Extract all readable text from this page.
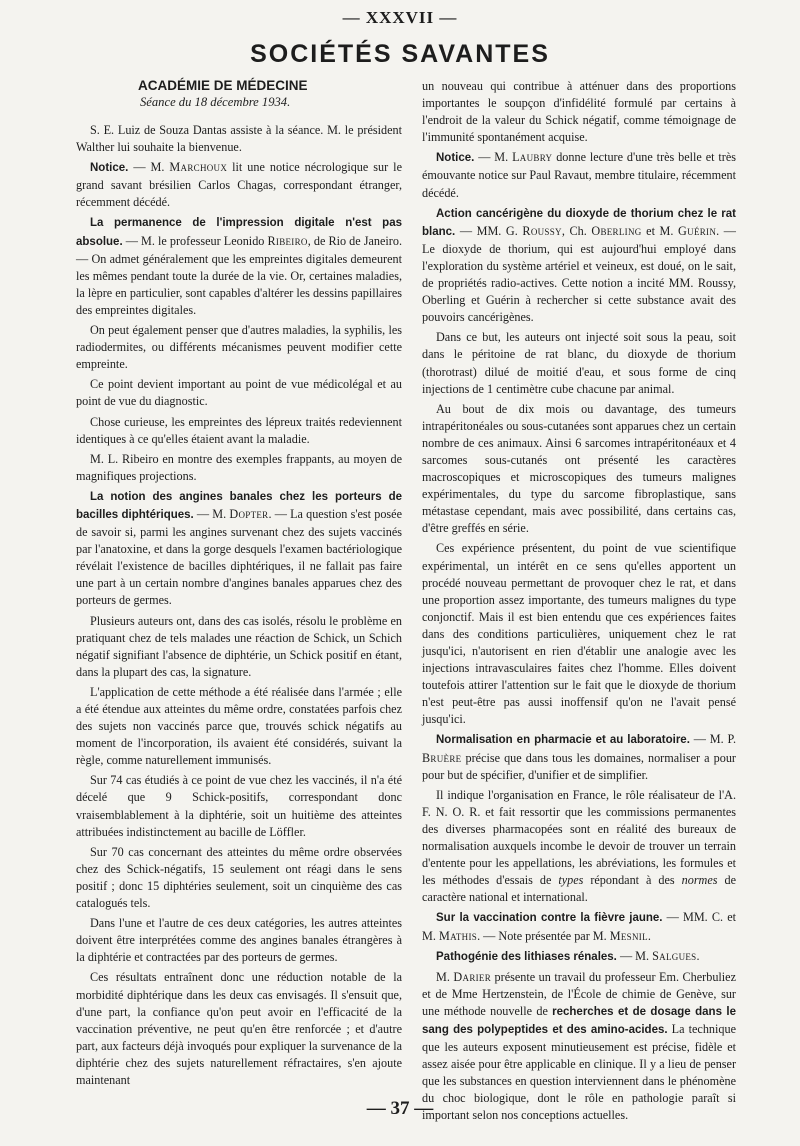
— XXXVII —
SOCIÉTÉS SAVANTES
ACADÉMIE DE MÉDECINE
Séance du 18 décembre 1934.

S. E. Luiz de Souza Dantas assiste à la séance. M. le président Walther lui souhaite la bienvenue.

Notice. — M. Marchoux lit une notice nécrologique sur le grand savant brésilien Carlos Chagas, correspondant étranger, récemment décédé.

La permanence de l'impression digitale n'est pas absolue. — M. le professeur Leonido Ribeiro, de Rio de Janeiro. — On admet généralement que les empreintes digitales demeurent les mêmes pendant toute la durée de la vie. Or, certaines maladies, la lèpre en particulier, sont capables d'altérer les dessins papillaires des empreintes digitales.

On peut également penser que d'autres maladies, la syphilis, les radiodermites, ou différents mécanismes peuvent modifier cette empreinte.

Ce point devient important au point de vue médicolégal et au point de vue du diagnostic.

Chose curieuse, les empreintes des lépreux traités redeviennent identiques à ce qu'elles étaient avant la maladie.

M. L. Ribeiro en montre des exemples frappants, au moyen de magnifiques projections.

La notion des angines banales chez les porteurs de bacilles diphtériques. — M. Dopter. — La question s'est posée de savoir si, parmi les angines survenant chez des sujets vaccinés par l'anatoxine, et dans la gorge desquels l'examen bactériologique révélait l'existence de bacilles diphtériques, il ne fallait pas faire une part à un certain nombre d'angines banales apparues chez des porteurs de germes.

Plusieurs auteurs ont, dans des cas isolés, résolu le problème en pratiquant chez de tels malades une réaction de Schick, un Schich négatif signifiant l'absence de diphtérie, un Schick positif en étant, dans la plupart des cas, la signature.

L'application de cette méthode a été réalisée dans l'armée ; elle a été étendue aux atteintes du même ordre, constatées parfois chez des sujets non vaccinés parce que, trouvés schick négatifs au moment de l'incorporation, ils avaient été considérés, suivant la règle, comme naturellement immunisés.

Sur 74 cas étudiés à ce point de vue chez les vaccinés, il n'a été décelé que 9 Schick-positifs, correspondant donc vraisemblablement à la diphtérie, soit un huitième des atteintes attribuées indistinctement au bacille de Löffler.

Sur 70 cas concernant des atteintes du même ordre observées chez des Schick-négatifs, 15 seulement ont réagi dans le sens positif ; donc 15 diphtéries seulement, soit un cinquième des cas catalogués tels.

Dans l'une et l'autre de ces deux catégories, les autres atteintes doivent être interprétées comme des angines banales étrangères à la diphtérie et contractées par des porteurs de germes.

Ces résultats entraînent donc une réduction notable de la morbidité diphtérique dans les deux cas envisagés. Il s'ensuit que, d'une part, la confiance qu'on peut avoir en l'efficacité de la vaccination préventive, ne peut qu'en être renforcée ; et d'autre part, aux facteurs déjà invoqués pour expliquer la survenance de la diphtérie chez des sujets naturellement réfractaires, s'en ajoute maintenant

un nouveau qui contribue à atténuer dans des proportions importantes le soupçon d'infidélité formulé par certains à l'endroit de la valeur du Schick négatif, comme témoignage de l'immunité spontanément acquise.

Notice. — M. Laubry donne lecture d'une très belle et très émouvante notice sur Paul Ravaut, membre titulaire, récemment décédé.

Action cancérigène du dioxyde de thorium chez le rat blanc. — MM. G. Roussy, Ch. Oberling et M. Guérin. — Le dioxyde de thorium, qui est aujourd'hui employé dans l'exploration du système artériel et veineux, est doué, on le sait, de propriétés radio-actives. Cette notion a incité MM. Roussy, Oberling et Guérin à rechercher si cette substance avait des pouvoirs cancérigènes.

Dans ce but, les auteurs ont injecté soit sous la peau, soit dans le péritoine de rat blanc, du dioxyde de thorium (thorotrast) dilué de moitié d'eau, et sous forme de cinq injections de 1 centimètre cube chacune par animal.

Au bout de dix mois ou davantage, des tumeurs intrapéritonéales ou sous-cutanées sont apparues chez un certain nombre de ces animaux. Ainsi 6 sarcomes intrapéritonéaux et 4 sarcomes sous-cutanés ont présenté les caractères macroscopiques et microscopiques des tumeurs malignes expérimentales, du type du sarcome fibroplastique, sans métastase cependant, mais avec possibilité, dans certains cas, d'être greffés en série.

Ces expérience présentent, du point de vue scientifique expérimental, un intérêt en ce sens qu'elles apportent un procédé nouveau permettant de provoquer chez le rat, et dans une proportion assez importante, des tumeurs malignes du type conjonctif. Mais il est bien entendu que ces expériences faites dans des conditions particulières, uniquement chez le rat jusqu'ici, n'autorisent en rien d'établir une analogie avec les injections intravasculaires faites chez l'homme. Elles doivent toutefois attirer l'attention sur le fait que le dioxyde de thorium n'est peut-être pas aussi inoffensif qu'on ne l'avait pensé jusqu'ici.

Normalisation en pharmacie et au laboratoire. — M. P. Bruère précise que dans tous les domaines, normaliser a pour pour but de spécifier, d'unifier et de simplifier.

Il indique l'organisation en France, le rôle réalisateur de l'A. F. N. O. R. et fait ressortir que les commissions permanentes des diverses pharmacopées sont en réalité des bureaux de normalisation auxquels incombe le devoir de trouver un terrain d'entente pour les appellations, les abréviations, les formules et les méthodes d'essais de types répondant à des normes de caractère national et international.

Sur la vaccination contre la fièvre jaune. — MM. C. et M. Mathis. — Note présentée par M. Mesnil.

Pathogénie des lithiases rénales. — M. Salgues.

M. Darier présente un travail du professeur Em. Cherbuliez et de Mme Hertzenstein, de l'École de chimie de Genève, sur une méthode nouvelle de recherches et de dosage dans le sang des polypeptides et des amino-acides. La technique que les auteurs exposent minutieusement est précise, fidèle et assez aisée pour être applicable en clinique. Il y a lieu de penser que les substances en question interviennent dans le phénomène du choc biologique, dont le rôle en pathologie paraît si important selon nos conceptions actuelles.

— 37 —
